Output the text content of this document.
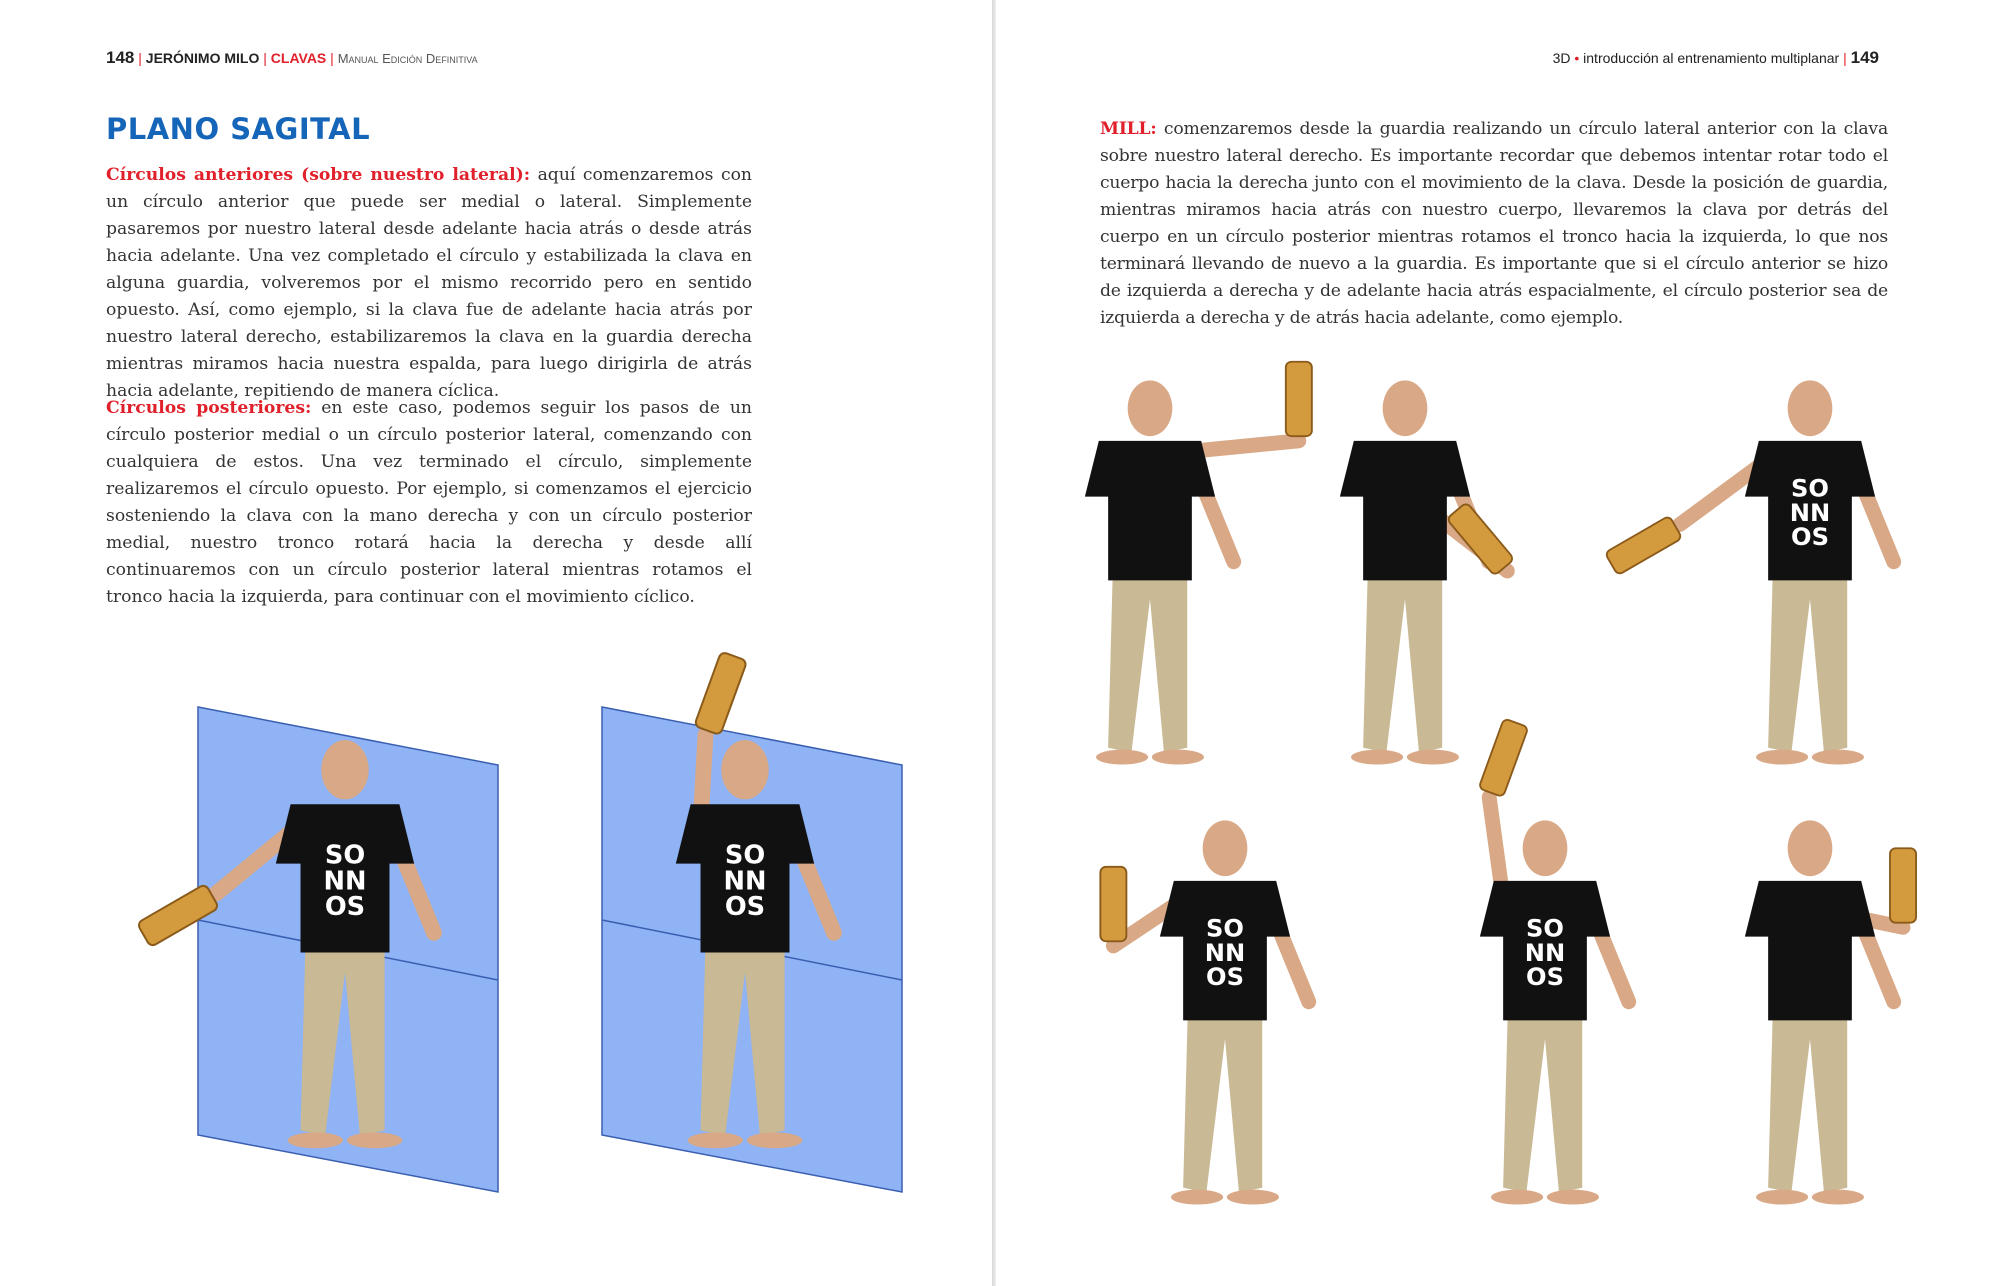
148 | JERÓNIMO MILO | CLAVAS | Manual Edición Definitiva
PLANO SAGITAL

Círculos anteriores (sobre nuestro lateral): aquí comenzaremos con un círculo anterior que puede ser medial o lateral. Simplemente pasaremos por nuestro lateral desde adelante hacia atrás o desde atrás hacia adelante. Una vez completado el círculo y estabilizada la clava en alguna guardia, volveremos por el mismo recorrido pero en sentido opuesto. Así, como ejemplo, si la clava fue de adelante hacia atrás por nuestro lateral derecho, estabilizaremos la clava en la guardia derecha mientras miramos hacia nuestra espalda, para luego dirigirla de atrás hacia adelante, repitiendo de manera cíclica.

Círculos posteriores: en este caso, podemos seguir los pasos de un círculo posterior medial o un círculo posterior lateral, comenzando con cualquiera de estos. Una vez terminado el círculo, simplemente realizaremos el círculo opuesto. Por ejemplo, si comenzamos el ejercicio sosteniendo la clava con la mano derecha y con un círculo posterior medial, nuestro tronco rotará hacia la derecha y desde allí continuaremos con un círculo posterior lateral mientras rotamos el tronco hacia la izquierda, para continuar con el movimiento cíclico.

3D • introducción al entrenamiento multiplanar | 149

MILL: comenzaremos desde la guardia realizando un círculo lateral anterior con la clava sobre nuestro lateral derecho. Es importante recordar que debemos intentar rotar todo el cuerpo hacia la derecha junto con el movimiento de la clava. Desde la posición de guardia, mientras miramos hacia atrás con nuestro cuerpo, llevaremos la clava por detrás del cuerpo en un círculo posterior mientras rotamos el tronco hacia la izquierda, lo que nos terminará llevando de nuevo a la guardia. Es importante que si el círculo anterior se hizo de izquierda a derecha y de adelante hacia atrás espacialmente, el círculo posterior sea de izquierda a derecha y de atrás hacia adelante, como ejemplo.

SO NN OS
SO NN OS
SO NN OS
SO NN OS
SO NN OS
